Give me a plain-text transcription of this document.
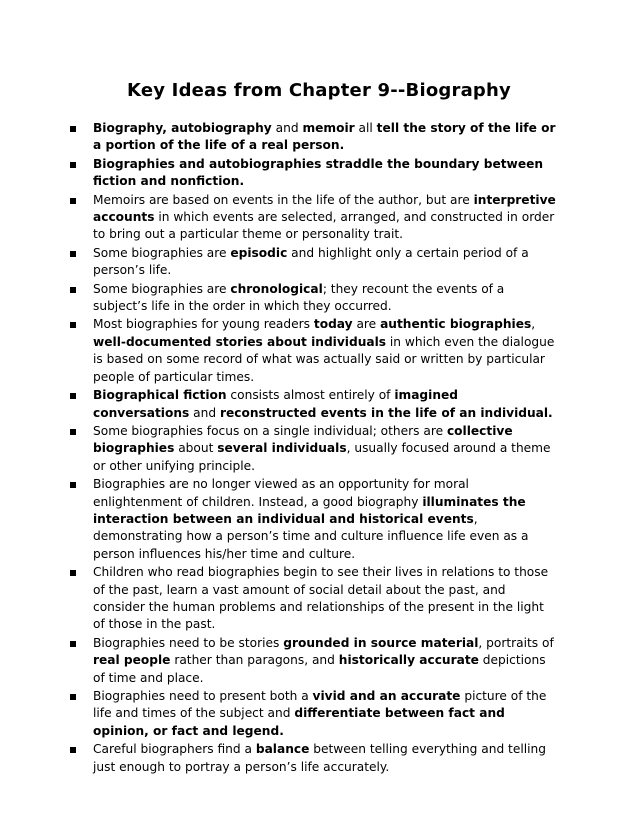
Key Ideas from Chapter 9--Biography
Biography, autobiography and memoir all tell the story of the life or a portion of the life of a real person.
Biographies and autobiographies straddle the boundary between fiction and nonfiction.
Memoirs are based on events in the life of the author, but are interpretive accounts in which events are selected, arranged, and constructed in order to bring out a particular theme or personality trait.
Some biographies are episodic and highlight only a certain period of a person’s life.
Some biographies are chronological; they recount the events of a subject’s life in the order in which they occurred.
Most biographies for young readers today are authentic biographies, well-documented stories about individuals in which even the dialogue is based on some record of what was actually said or written by particular people of particular times.
Biographical fiction consists almost entirely of imagined conversations and reconstructed events in the life of an individual.
Some biographies focus on a single individual; others are collective biographies about several individuals, usually focused around a theme or other unifying principle.
Biographies are no longer viewed as an opportunity for moral enlightenment of children. Instead, a good biography illuminates the interaction between an individual and historical events, demonstrating how a person’s time and culture influence life even as a person influences his/her time and culture.
Children who read biographies begin to see their lives in relations to those of the past, learn a vast amount of social detail about the past, and consider the human problems and relationships of the present in the light of those in the past.
Biographies need to be stories grounded in source material, portraits of real people rather than paragons, and historically accurate depictions of time and place.
Biographies need to present both a vivid and an accurate picture of the life and times of the subject and differentiate between fact and opinion, or fact and legend.
Careful biographers find a balance between telling everything and telling just enough to portray a person’s life accurately.
